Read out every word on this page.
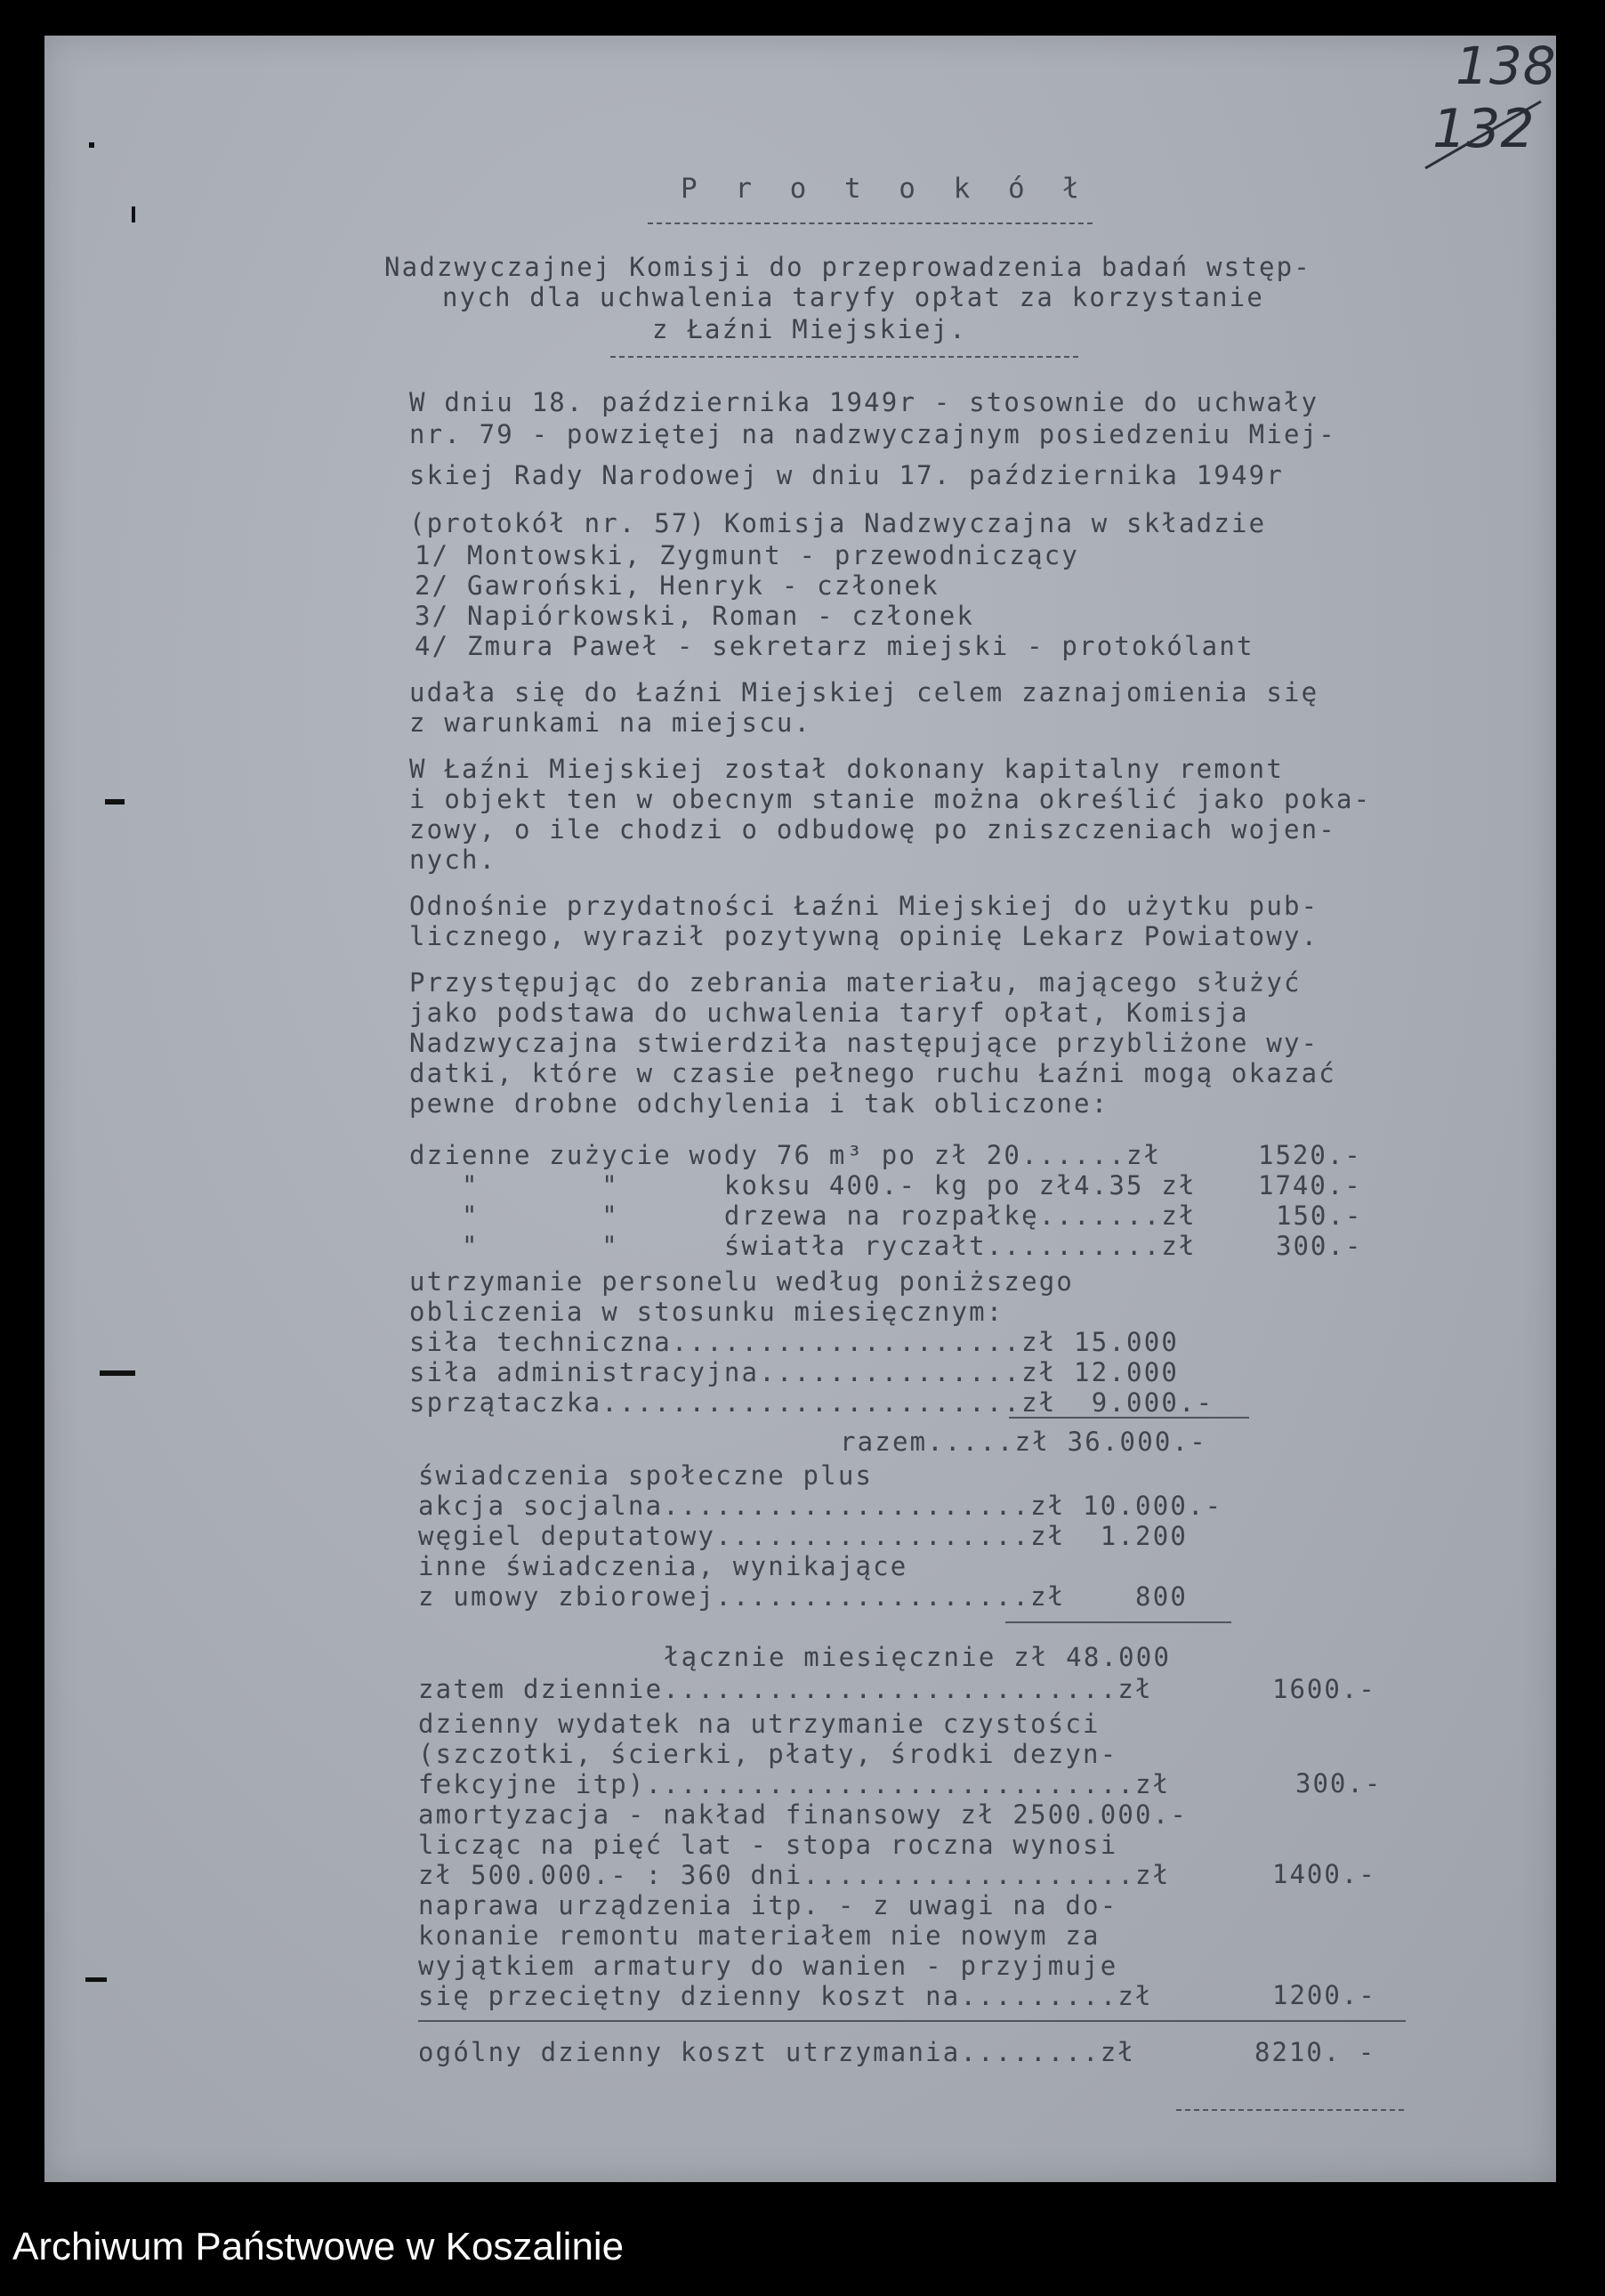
138
132
P r o t o k ó ł
Nadzwyczajnej Komisji do przeprowadzenia badań wstęp-
nych dla uchwalenia taryfy opłat za korzystanie
z Łaźni Miejskiej.
W dniu 18. października 1949r - stosownie do uchwały
nr. 79 - powziętej na nadzwyczajnym posiedzeniu Miej-
skiej Rady Narodowej w dniu 17. października 1949r
(protokół nr. 57) Komisja Nadzwyczajna w składzie
1/ Montowski, Zygmunt - przewodniczący
2/ Gawroński, Henryk - członek
3/ Napiórkowski, Roman - członek
4/ Zmura Paweł - sekretarz miejski - protokólant
udała się do Łaźni Miejskiej celem zaznajomienia się
z warunkami na miejscu.
W Łaźni Miejskiej został dokonany kapitalny remont
i objekt ten w obecnym stanie można określić jako poka-
zowy, o ile chodzi o odbudowę po zniszczeniach wojen-
nych.
Odnośnie przydatności Łaźni Miejskiej do użytku pub-
licznego, wyraził pozytywną opinię Lekarz Powiatowy.
Przystępując do zebrania materiału, mającego służyć
jako podstawa do uchwalenia taryf opłat, Komisja
Nadzwyczajna stwierdziła następujące przybliżone wy-
datki, które w czasie pełnego ruchu Łaźni mogą okazać
pewne drobne odchylenia i tak obliczone:
dzienne zużycie wody 76 m³ po zł 20......zł	1520.-
"       "      koksu 400.- kg po zł4.35 zł 1740.-
"       "      drzewa na rozpałkę.......zł	150.-
"       "      światła ryczałt..........zł	300.-
utrzymanie personelu według poniższego
obliczenia w stosunku miesięcznym:
siła techniczna....................zł 15.000
siła administracyjna...............zł 12.000
sprzątaczka........................zł  9.000.-
razem.....zł 36.000.-
świadczenia społeczne plus
akcja socjalna.....................zł 10.000.-
węgiel deputatowy..................zł  1.200
inne świadczenia, wynikające
z umowy zbiorowej..................zł    800
łącznie miesięcznie zł 48.000
zatem dziennie..........................zł	1600.-
dzienny wydatek na utrzymanie czystości
(szczotki, ścierki, płaty, środki dezyn-
fekcyjne itp)............................zł	300.-
amortyzacja - nakład finansowy zł 2500.000.-
licząc na pięć lat - stopa roczna wynosi
zł 500.000.- : 360 dni...................zł	1400.-
naprawa urządzenia itp. - z uwagi na do-
konanie remontu materiałem nie nowym za
wyjątkiem armatury do wanien - przyjmuje
się przeciętny dzienny koszt na.........zł	1200.-
ogólny dzienny koszt utrzymania........zł	8210. -
Archiwum Państwowe w Koszalinie
